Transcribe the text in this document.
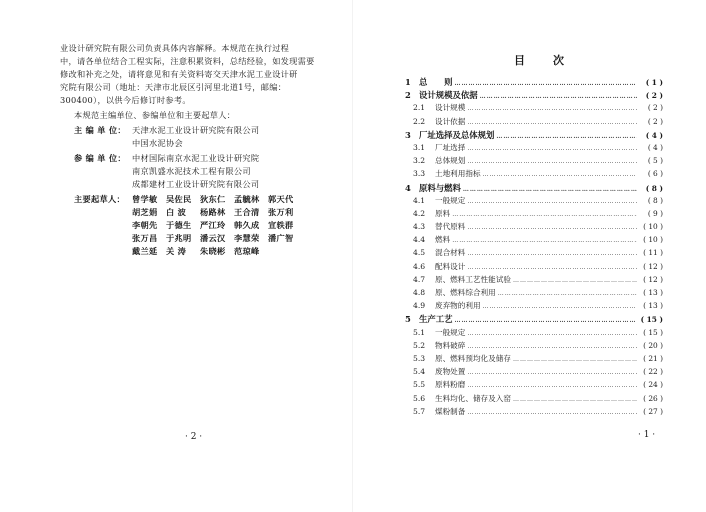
业设计研究院有限公司负责具体内容解释。本规范在执行过程
中，请各单位结合工程实际，注意积累资料，总结经验，如发现需要
修改和补充之处，请将意见和有关资料寄交天津水泥工业设计研
究院有限公司（地址：天津市北辰区引河里北道1号，邮编：
300400），以供今后修订时参考。

本规范主编单位、参编单位和主要起草人：

主 编 单 位： 天津水泥工业设计研究院有限公司
中国水泥协会
参 编 单 位： 中材国际南京水泥工业设计研究院
南京凯盛水泥技术工程有限公司
成都建材工业设计研究院有限公司
主要起草人： 曾学敏	吴佐民	狄东仁	孟毓林	郭天代
胡芝娟	白 波	杨路林	王合清	张万利
李朝先	于德生	严江玲	韩久成	宣轶群
张万昌	于兆明	潘云汉	李慧荣	潘广智
戴兰延	关 涛	朱晓彬	范琼峰
· 2 ·
目	次
1 总　　则 ……………………………………………………………………………………………………………………………………………………………	( 1 )
2 设计规模及依据 ……………………………………………………………………………………………………………………………………………………………	( 2 )
2.1	设计规模 ……………………………………………………………………………………………………………………………………………………………	( 2 )
2.2	设计依据 ……………………………………………………………………………………………………………………………………………………………	( 2 )
3 厂址选择及总体规划 ……………………………………………………………………………………………………………………………………………………………	( 4 )
3.1	厂址选择 ……………………………………………………………………………………………………………………………………………………………	( 4 )
3.2	总体规划 ……………………………………………………………………………………………………………………………………………………………	( 5 )
3.3	土地利用指标 ……………………………………………………………………………………………………………………………………………………………	( 6 )
4 原料与燃料 ……………………………………………………………………………………………………………………………………………………………	( 8 )
4.1	一般规定 ……………………………………………………………………………………………………………………………………………………………	( 8 )
4.2	原料 ……………………………………………………………………………………………………………………………………………………………	( 9 )
4.3	替代原料 ……………………………………………………………………………………………………………………………………………………………	( 10 )
4.4	燃料 ……………………………………………………………………………………………………………………………………………………………	( 10 )
4.5	混合材料 ……………………………………………………………………………………………………………………………………………………………	( 11 )
4.6	配料设计 ……………………………………………………………………………………………………………………………………………………………	( 12 )
4.7	原、燃料工艺性能试验 ……………………………………………………………………………………………………………………………………………………………	( 12 )
4.8	原、燃料综合利用 ……………………………………………………………………………………………………………………………………………………………	( 13 )
4.9	废弃物的利用 ……………………………………………………………………………………………………………………………………………………………	( 13 )
5 生产工艺 ……………………………………………………………………………………………………………………………………………………………	( 15 )
5.1	一般规定 ……………………………………………………………………………………………………………………………………………………………	( 15 )
5.2	物料破碎 ……………………………………………………………………………………………………………………………………………………………	( 20 )
5.3	原、燃料预均化及储存 ……………………………………………………………………………………………………………………………………………………………	( 21 )
5.4	废物处置 ……………………………………………………………………………………………………………………………………………………………	( 22 )
5.5	原料粉磨 ……………………………………………………………………………………………………………………………………………………………	( 24 )
5.6	生料均化、储存及入窑 ……………………………………………………………………………………………………………………………………………………………	( 26 )
5.7	煤粉制备 ……………………………………………………………………………………………………………………………………………………………	( 27 )
· 1 ·
